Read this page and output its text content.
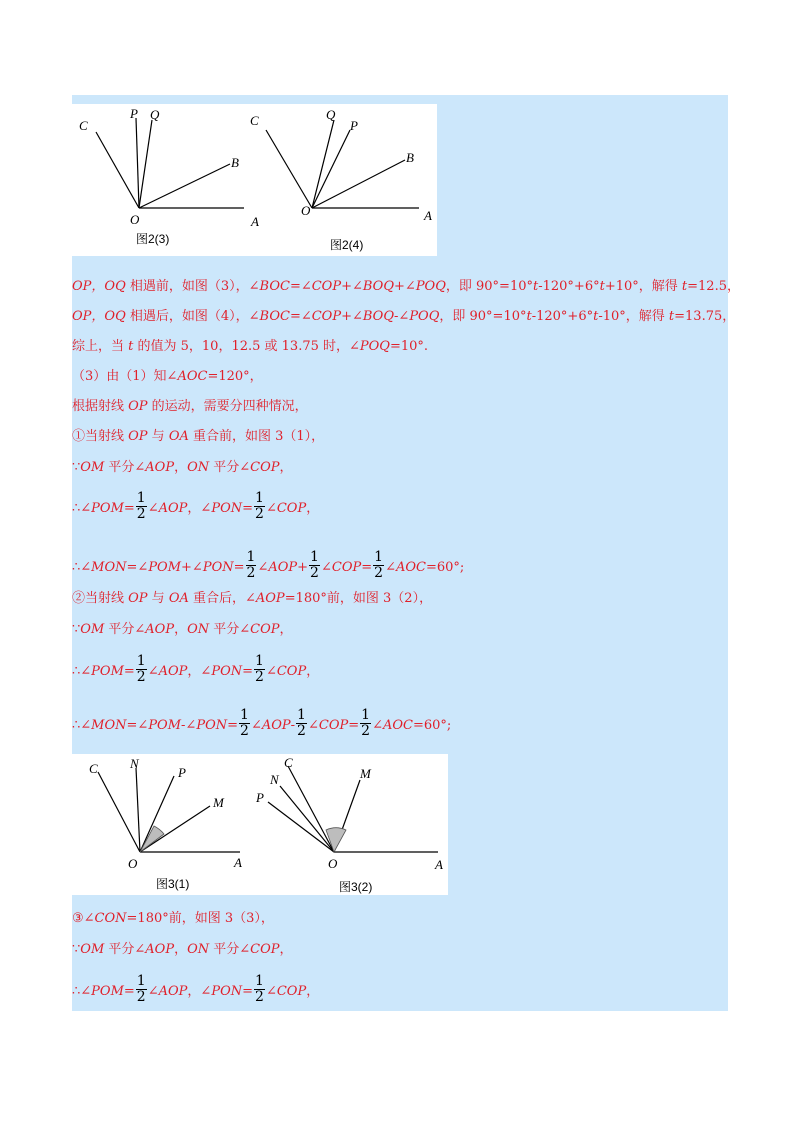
C
P Q
B
O	A
图2(3)
C	Q
P
B
O	A
图2(4)
OP，OQ 相遇前，如图（3），∠BOC=∠COP+∠BOQ+∠POQ，即 90°=10°t-120°+6°t+10°，解得 t=12.5，
OP，OQ 相遇后，如图（4），∠BOC=∠COP+∠BOQ-∠POQ，即 90°=10°t-120°+6°t-10°，解得 t=13.75，
综上，当 t 的值为 5，10，12.5 或 13.75 时，∠POQ=10°.
（3）由（1）知∠AOC=120°，
根据射线 OP 的运动，需要分四种情况，
①当射线 OP 与 OA 重合前，如图 3（1），
∵OM 平分∠AOP，ON 平分∠COP，
∴∠POM= $\frac{1}{2}$ ∠AOP，∠PON= $\frac{1}{2}$ ∠COP，
∴∠MON=∠POM+∠PON= $\frac{1}{2}$ ∠AOP+ $\frac{1}{2}$ ∠COP= $\frac{1}{2}$ ∠AOC=60°;
②当射线 OP 与 OA 重合后，∠AOP=180°前，如图 3（2），
∵OM 平分∠AOP，ON 平分∠COP，
∴∠POM= $\frac{1}{2}$ ∠AOP，∠PON= $\frac{1}{2}$ ∠COP，
∴∠MON=∠POM-∠PON= $\frac{1}{2}$ ∠AOP- $\frac{1}{2}$ ∠COP= $\frac{1}{2}$ ∠AOC=60°;
C N
P
M
O	A
图3(1)
C
N
P
M
O	A
图3(2)
③∠CON=180°前，如图 3（3），
∵OM 平分∠AOP，ON 平分∠COP，
∴∠POM= $\frac{1}{2}$ ∠AOP，∠PON= $\frac{1}{2}$ ∠COP，
